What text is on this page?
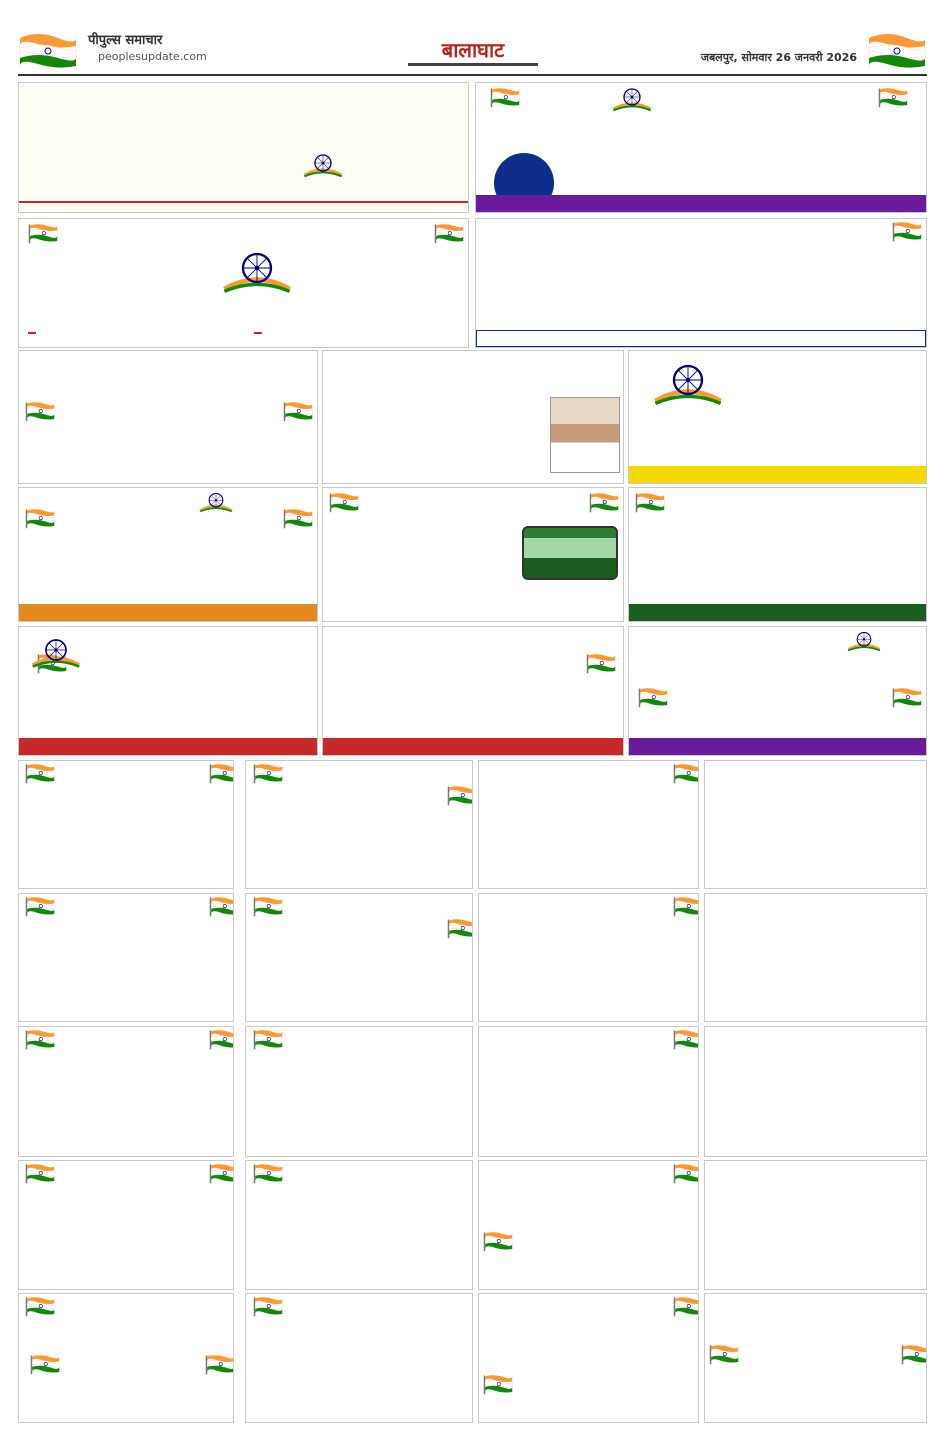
पीपुल्स समाचार
peoplesupdate.com	बालाघाट	जबलपुर, सोमवार 26 जनवरी 2026
